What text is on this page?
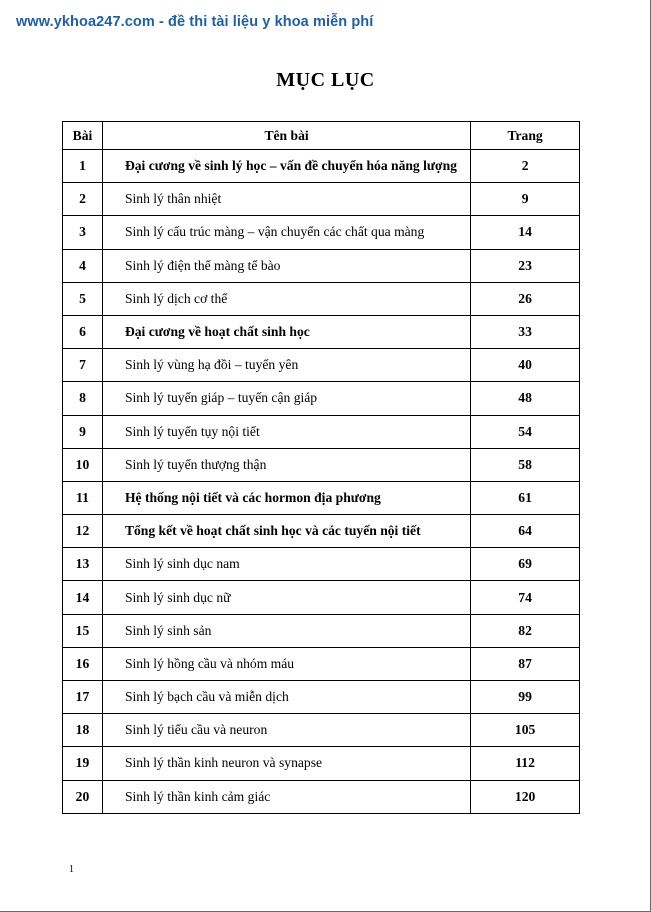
www.ykhoa247.com - đề thi tài liệu y khoa miễn phí
MỤC LỤC
Bài	Tên bài	Trang
1	Đại cương về sinh lý học – vấn đề chuyển hóa năng lượng	2
2	Sinh lý thân nhiệt	9
3	Sinh lý cấu trúc màng – vận chuyển các chất qua màng	14
4	Sinh lý điện thế màng tế bào	23
5	Sinh lý dịch cơ thể	26
6	Đại cương về hoạt chất sinh học	33
7	Sinh lý vùng hạ đồi – tuyến yên	40
8	Sinh lý tuyến giáp – tuyến cận giáp	48
9	Sinh lý tuyến tụy nội tiết	54
10	Sinh lý tuyến thượng thận	58
11	Hệ thống nội tiết và các hormon địa phương	61
12	Tổng kết về hoạt chất sinh học và các tuyến nội tiết	64
13	Sinh lý sinh dục nam	69
14	Sinh lý sinh dục nữ	74
15	Sinh lý sinh sản	82
16	Sinh lý hồng cầu và nhóm máu	87
17	Sinh lý bạch cầu và miễn dịch	99
18	Sinh lý tiểu cầu và neuron	105
19	Sinh lý thần kinh neuron và synapse	112
20	Sinh lý thần kinh cảm giác	120
1
